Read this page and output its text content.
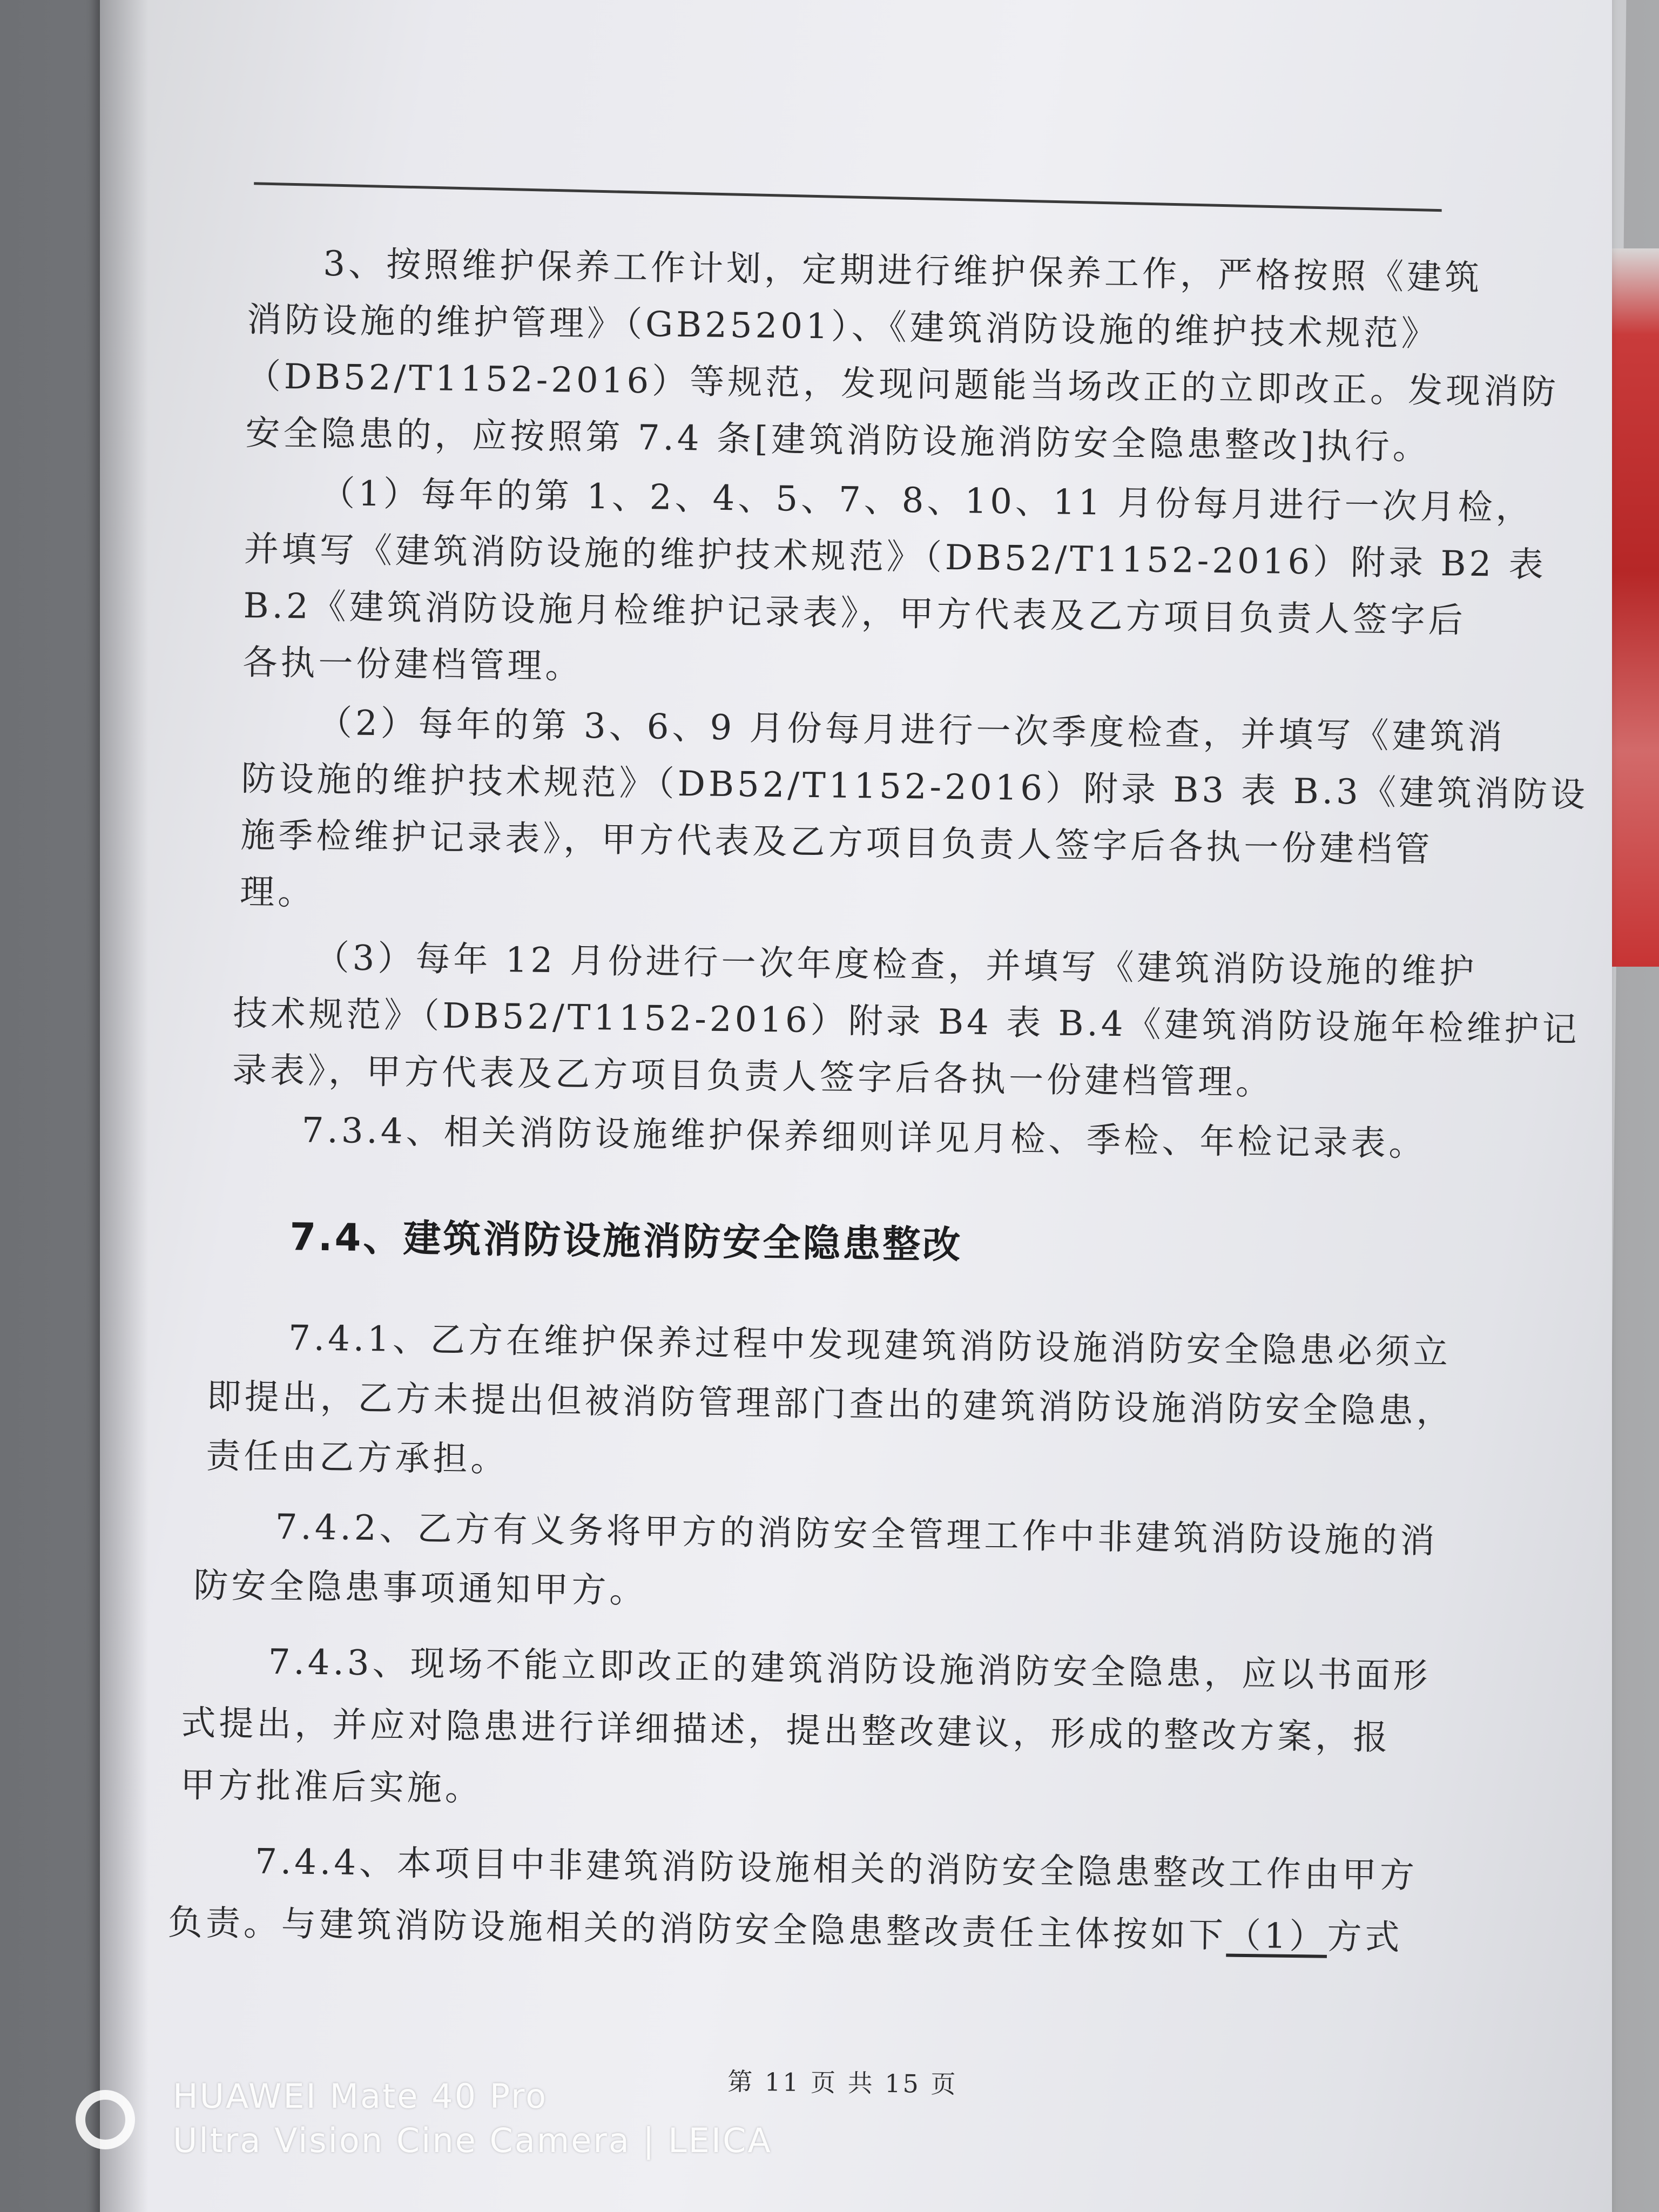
3、按照维护保养工作计划，定期进行维护保养工作，严格按照《建筑
消防设施的维护管理》（GB25201）、《建筑消防设施的维护技术规范》
（DB52/T1152-2016）等规范，发现问题能当场改正的立即改正。发现消防
安全隐患的，应按照第 7.4 条[建筑消防设施消防安全隐患整改]执行。
（1）每年的第 1、2、4、5、7、8、10、11 月份每月进行一次月检，
并填写《建筑消防设施的维护技术规范》（DB52/T1152-2016）附录 B2 表
B.2《建筑消防设施月检维护记录表》，甲方代表及乙方项目负责人签字后
各执一份建档管理。
（2）每年的第 3、6、9 月份每月进行一次季度检查，并填写《建筑消
防设施的维护技术规范》（DB52/T1152-2016）附录 B3 表 B.3《建筑消防设
施季检维护记录表》，甲方代表及乙方项目负责人签字后各执一份建档管
理。
（3）每年 12 月份进行一次年度检查，并填写《建筑消防设施的维护
技术规范》（DB52/T1152-2016）附录 B4 表 B.4《建筑消防设施年检维护记
录表》，甲方代表及乙方项目负责人签字后各执一份建档管理。
7.3.4、相关消防设施维护保养细则详见月检、季检、年检记录表。
7.4、建筑消防设施消防安全隐患整改
7.4.1、乙方在维护保养过程中发现建筑消防设施消防安全隐患必须立
即提出，乙方未提出但被消防管理部门查出的建筑消防设施消防安全隐患，
责任由乙方承担。
7.4.2、乙方有义务将甲方的消防安全管理工作中非建筑消防设施的消
防安全隐患事项通知甲方。
7.4.3、现场不能立即改正的建筑消防设施消防安全隐患，应以书面形
式提出，并应对隐患进行详细描述，提出整改建议，形成的整改方案，报
甲方批准后实施。
7.4.4、本项目中非建筑消防设施相关的消防安全隐患整改工作由甲方
负责。与建筑消防设施相关的消防安全隐患整改责任主体按如下（1）方式
第 11 页 共 15 页
HUAWEI Mate 40 Pro
Ultra Vision Cine Camera | LEICA
